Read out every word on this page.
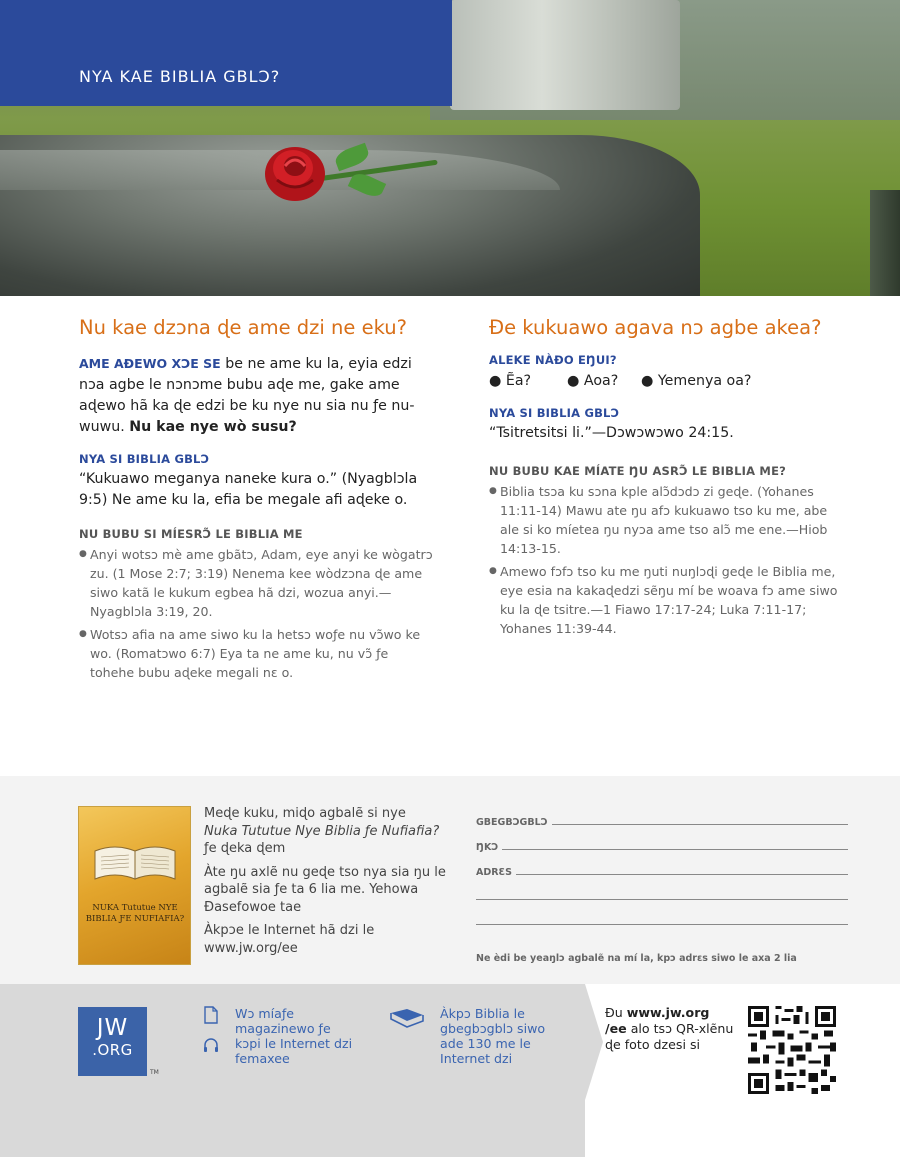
NYA KAE BIBLIA GBLƆ?
Nu kae dzɔna ɖe ame dzi ne eku?

AME AƉEWO XƆE SE be ne ame ku la, eyia edzi nɔa agbe le nɔnɔme bubu aɖe me, gake ame aɖewo hã ka ɖe edzi be ku nye nu sia nu ƒe nuwuwu. Nu kae nye wò susu?

NYA SI BIBLIA GBLƆ

“Kukuawo meganya naneke kura o.” (Nyagblɔla 9:5) Ne ame ku la, efia be megale afi aɖeke o.

NU BUBU SI MÍESRƆ̃ LE BIBLIA ME
● Anyi wotsɔ mè ame gbãtɔ, Adam, eye anyi ke wògatrɔ zu. (1 Mose 2:7; 3:19) Nenema kee wòdzɔna ɖe ame siwo katã le kukum egbea hã dzi, wozua anyi.—Nyagblɔla 3:19, 20.
● Wotsɔ afia na ame siwo ku la hetsɔ woƒe nu vɔ̃wo ke wo. (Romatɔwo 6:7) Eya ta ne ame ku, nu vɔ̃ ƒe tohehe bubu aɖeke megali nɛ o.
Ɖe kukuawo agava nɔ agbe akea?
ALEKE NÀƉO EŊUI?
● Ẽa?	● Aoa?	● Yemenya oa?
NYA SI BIBLIA GBLƆ

“Tsitretsitsi li.”—Dɔwɔwɔwo 24:15.

NU BUBU KAE MÍATE ŊU ASRƆ̃ LE BIBLIA ME?
● Biblia tsɔa ku sɔna kple alɔ̃dɔdɔ zi geɖe. (Yohanes 11:11-14) Mawu ate ŋu afɔ kukuawo tso ku me, abe ale si ko míetea ŋu nyɔa ame tso alɔ̃ me ene.—Hiob 14:13-15.
● Amewo fɔfɔ tso ku me ŋuti nuŋlɔɖi geɖe le Biblia me, eye esia na kakaɖedzi sẽŋu mí be woava fɔ ame siwo ku la ɖe tsitre.—1 Fiawo 17:17-24; Luka 7:11-17; Yohanes 11:39-44.
NUKA Tututue NYE BIBLIA ƑE NUFIAFIA?

Meɖe kuku, miɖo agbalẽ si nye
Nuka Tututue Nye Biblia ƒe Nufiafia? ƒe ɖeka ɖem

Àte ŋu axlẽ nu geɖe tso nya sia ŋu le agbalẽ sia ƒe ta 6 lia me. Yehowa Ðasefowoe tae

Àkpɔe le Internet hã dzi le www.jw.org/ee

GBEGBƆGBLƆ
ŊKƆ
ADRƐS
Ne èdi be yeaŋlɔ agbalẽ na mí la, kpɔ adrɛs siwo le axa 2 lia
JW
.ORG
TM
Wɔ míaƒe magazinewo ƒe kɔpi le Internet dzi femaxee
Àkpɔ Biblia le gbegbɔgblɔ siwo ade 130 me le Internet dzi
Ɖu www.jw.org /ee alo tsɔ QR-xlẽnu ɖe foto dzesi si
